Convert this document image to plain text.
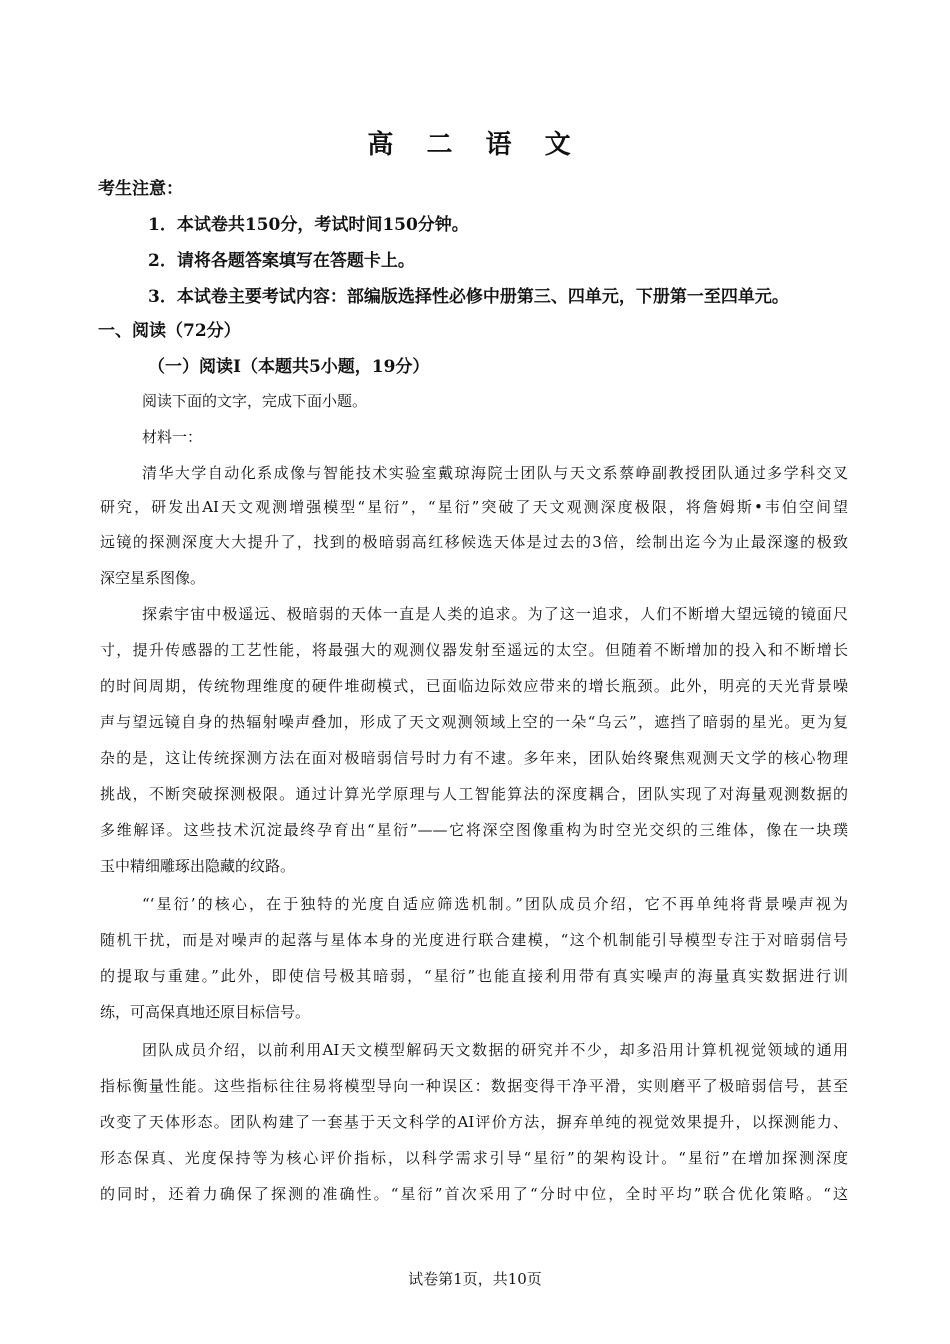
高 二 语 文
考生注意：
1．本试卷共150分，考试时间150分钟。
2．请将各题答案填写在答题卡上。
3．本试卷主要考试内容：部编版选择性必修中册第三、四单元，下册第一至四单元。
一、阅读（72分）
（一）阅读I（本题共5小题，19分）
阅读下面的文字，完成下面小题。
材料一：
清华大学自动化系成像与智能技术实验室戴琼海院士团队与天文系蔡峥副教授团队通过多学科交叉
研究，研发出AI天文观测增强模型“星衍”，“星衍”突破了天文观测深度极限，将詹姆斯•韦伯空间望
远镜的探测深度大大提升了，找到的极暗弱高红移候选天体是过去的3倍，绘制出迄今为止最深邃的极致
深空星系图像。
探索宇宙中极遥远、极暗弱的天体一直是人类的追求。为了这一追求，人们不断增大望远镜的镜面尺
寸，提升传感器的工艺性能，将最强大的观测仪器发射至遥远的太空。但随着不断增加的投入和不断增长
的时间周期，传统物理维度的硬件堆砌模式，已面临边际效应带来的增长瓶颈。此外，明亮的天光背景噪
声与望远镜自身的热辐射噪声叠加，形成了天文观测领域上空的一朵“乌云”，遮挡了暗弱的星光。更为复
杂的是，这让传统探测方法在面对极暗弱信号时力有不逮。多年来，团队始终聚焦观测天文学的核心物理
挑战，不断突破探测极限。通过计算光学原理与人工智能算法的深度耦合，团队实现了对海量观测数据的
多维解译。这些技术沉淀最终孕育出“星衍”——它将深空图像重构为时空光交织的三维体，像在一块璞
玉中精细雕琢出隐藏的纹路。
“‘星衍’的核心，在于独特的光度自适应筛选机制。”团队成员介绍，它不再单纯将背景噪声视为
随机干扰，而是对噪声的起落与星体本身的光度进行联合建模，“这个机制能引导模型专注于对暗弱信号
的提取与重建。”此外，即使信号极其暗弱，“星衍”也能直接利用带有真实噪声的海量真实数据进行训
练，可高保真地还原目标信号。
团队成员介绍，以前利用AI天文模型解码天文数据的研究并不少，却多沿用计算机视觉领域的通用
指标衡量性能。这些指标往往易将模型导向一种误区：数据变得干净平滑，实则磨平了极暗弱信号，甚至
改变了天体形态。团队构建了一套基于天文科学的AI评价方法，摒弃单纯的视觉效果提升，以探测能力、
形态保真、光度保持等为核心评价指标，以科学需求引导“星衍”的架构设计。“星衍”在增加探测深度
的同时，还着力确保了探测的准确性。“星衍”首次采用了“分时中位，全时平均”联合优化策略。“这
试卷第1页，共10页
